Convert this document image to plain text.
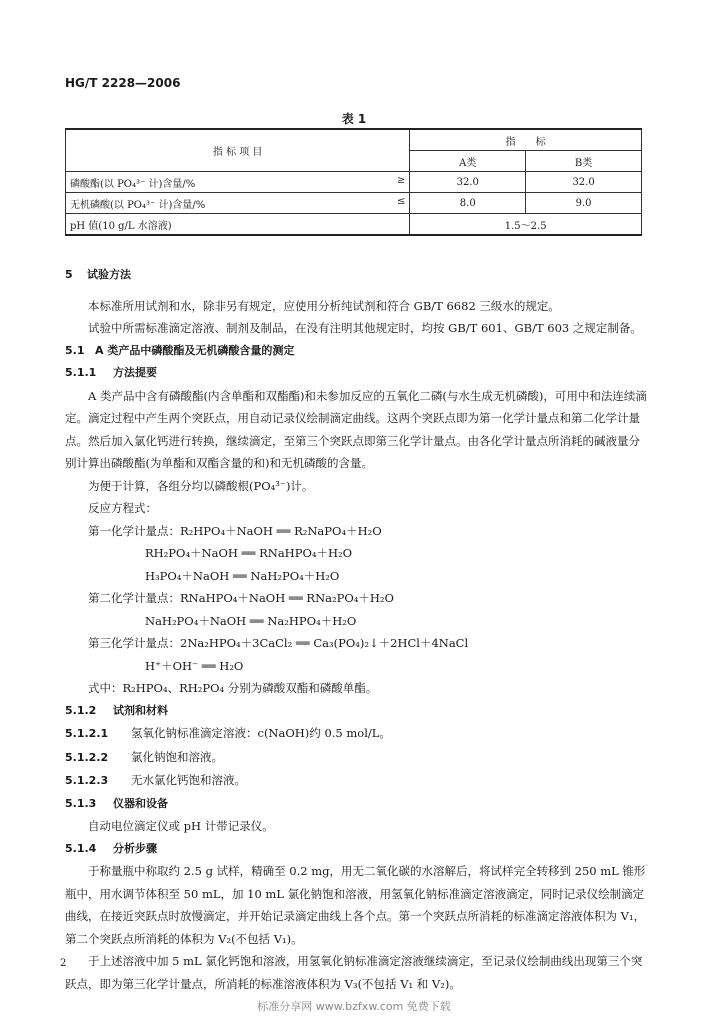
HG/T 2228—2006
表 1
指 标 项 目	指　　标	
	A类	B类
磷酸酯(以 PO₄³⁻ 计)含量/% ≥	32.0	32.0
无机磷酸(以 PO₄³⁻ 计)含量/% ≤	8.0	9.0
pH 值(10 g/L 水溶液)	1.5～2.5	

5 试验方法

本标准所用试剂和水，除非另有规定，应使用分析纯试剂和符合 GB/T 6682 三级水的规定。

试验中所需标准滴定溶液、制剂及制品，在没有注明其他规定时，均按 GB/T 601、GB/T 603 之规定制备。

5.1 A 类产品中磷酸酯及无机磷酸含量的测定

5.1.1 方法提要

A 类产品中含有磷酸酯(内含单酯和双酯酯)和未参加反应的五氧化二磷(与水生成无机磷酸)，可用中和法连续滴定。滴定过程中产生两个突跃点，用自动记录仪绘制滴定曲线。这两个突跃点即为第一化学计量点和第二化学计量点。然后加入氯化钙进行转换，继续滴定，至第三个突跃点即第三化学计量点。由各化学计量点所消耗的碱液量分别计算出磷酸酯(为单酯和双酯含量的和)和无机磷酸的含量。

为便于计算，各组分均以磷酸根(PO₄³⁻)计。

反应方程式：

第一化学计量点：R₂HPO₄＋NaOH ══ R₂NaPO₄＋H₂O

RH₂PO₄＋NaOH ══ RNaHPO₄＋H₂O

H₃PO₄＋NaOH ══ NaH₂PO₄＋H₂O

第二化学计量点：RNaHPO₄＋NaOH ══ RNa₂PO₄＋H₂O

NaH₂PO₄＋NaOH ══ Na₂HPO₄＋H₂O

第三化学计量点：2Na₂HPO₄＋3CaCl₂ ══ Ca₃(PO₄)₂↓＋2HCl＋4NaCl

H⁺＋OH⁻ ══ H₂O

式中：R₂HPO₄、RH₂PO₄ 分别为磷酸双酯和磷酸单酯。

5.1.2 试剂和材料

5.1.2.1 氢氧化钠标准滴定溶液：c(NaOH)约 0.5 mol/L。

5.1.2.2 氯化钠饱和溶液。

5.1.2.3 无水氯化钙饱和溶液。

5.1.3 仪器和设备

自动电位滴定仪或 pH 计带记录仪。

5.1.4 分析步骤

于称量瓶中称取约 2.5 g 试样，精确至 0.2 mg，用无二氧化碳的水溶解后，将试样完全转移到 250 mL 锥形瓶中，用水调节体积至 50 mL，加 10 mL 氯化钠饱和溶液，用氢氧化钠标准滴定溶液滴定，同时记录仪绘制滴定曲线，在接近突跃点时放慢滴定，并开始记录滴定曲线上各个点。第一个突跃点所消耗的标准滴定溶液体积为 V₁，第二个突跃点所消耗的体积为 V₂(不包括 V₁)。

于上述溶液中加 5 mL 氯化钙饱和溶液，用氢氧化钠标准滴定溶液继续滴定，至记录仪绘制曲线出现第三个突跃点，即为第三化学计量点，所消耗的标准溶液体积为 V₃(不包括 V₁ 和 V₂)。

2
标准分享网 www.bzfxw.com 免费下载
